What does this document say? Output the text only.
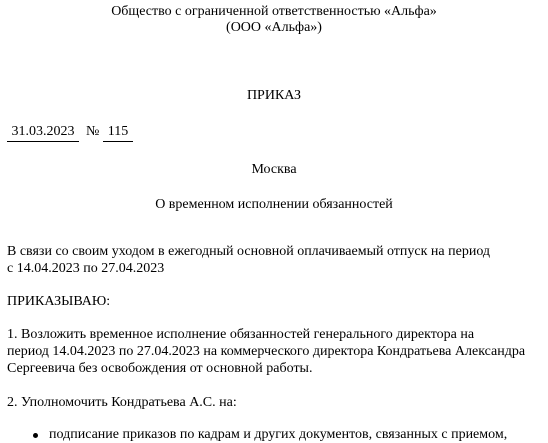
Общество с ограниченной ответственностью «Альфа»
(ООО «Альфа»)
ПРИКАЗ
31.03.2023 № 115
Москва
О временном исполнении обязанностей
В связи со своим уходом в ежегодный основной оплачиваемый отпуск на период
с 14.04.2023 по 27.04.2023
ПРИКАЗЫВАЮ:
1. Возложить временное исполнение обязанностей генерального директора на
период 14.04.2023 по 27.04.2023 на коммерческого директора Кондратьева Александра
Сергеевича без освобождения от основной работы.
2. Уполномочить Кондратьева А.С. на:
подписание приказов по кадрам и других документов, связанных с приемом,
